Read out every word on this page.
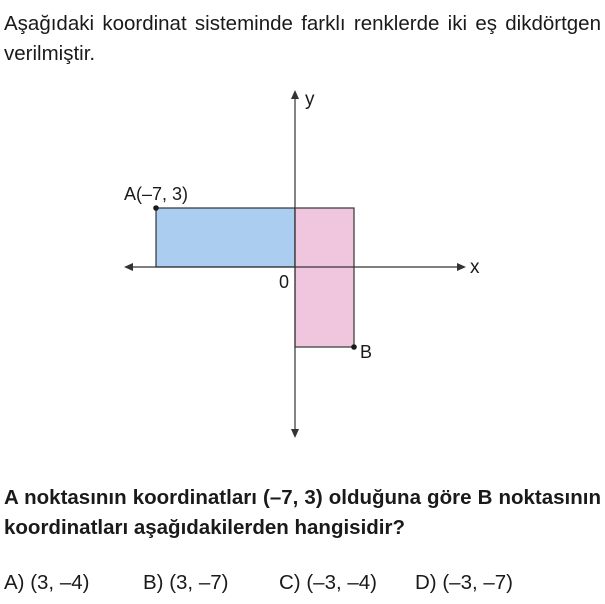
Aşağıdaki koordinat sisteminde farklı renklerde iki eş dikdörtgen verilmiştir.
y
x
0
A(–7, 3)
B
A noktasının koordinatları (–7, 3) olduğuna göre B noktasının koordinatları aşağıdakilerden hangisidir?
A) (3, –4)	B) (3, –7) C) (–3, –4) D) (–3, –7)
